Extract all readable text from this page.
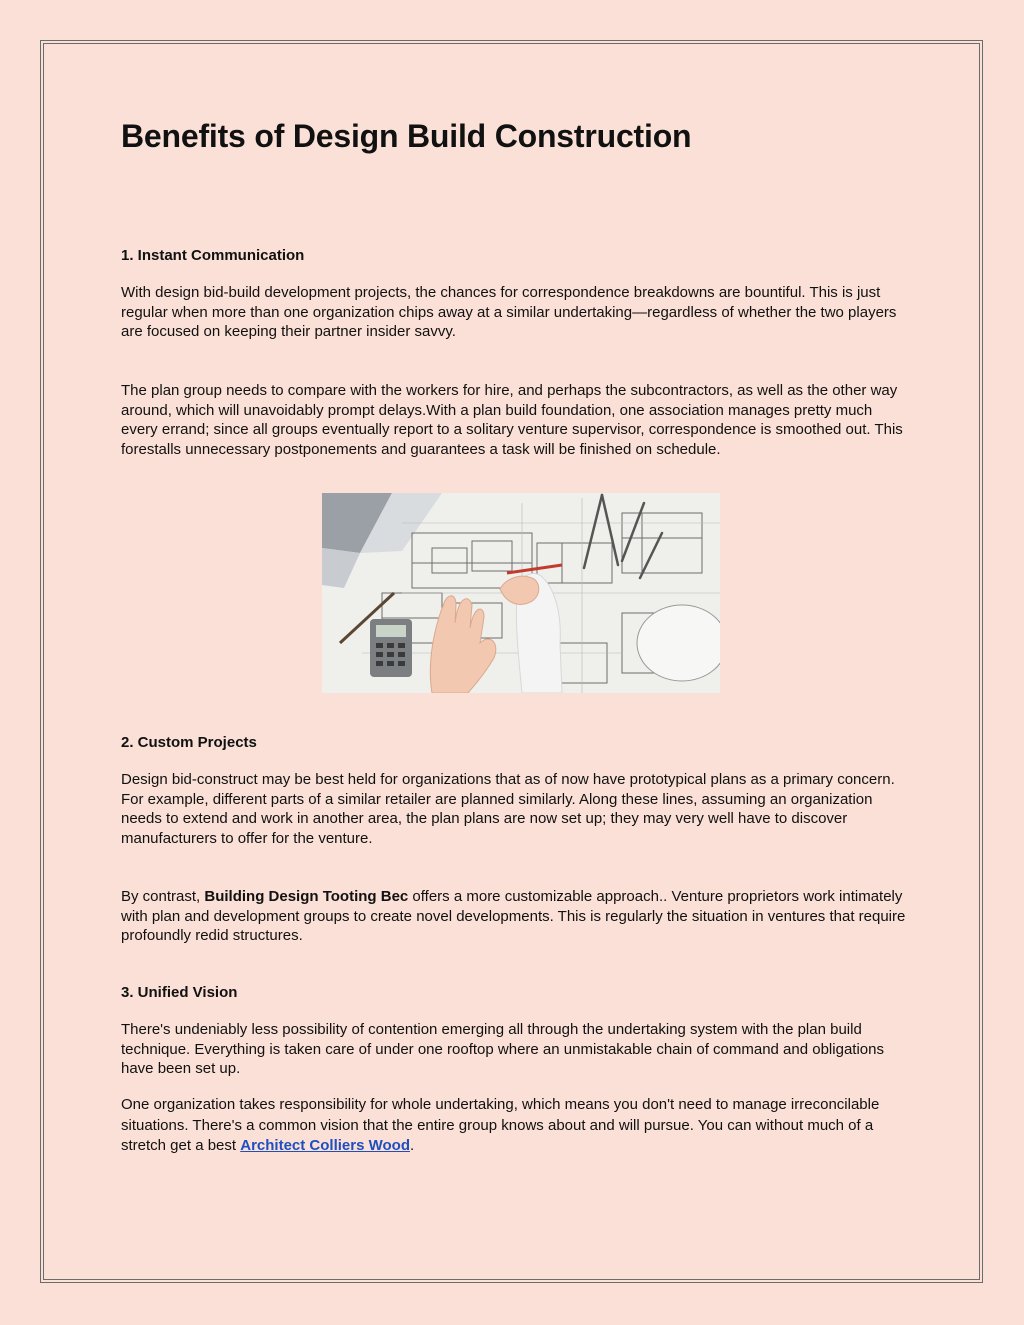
Benefits of Design Build Construction
1. Instant Communication

With design bid-build development projects, the chances for correspondence breakdowns are bountiful. This is just regular when more than one organization chips away at a similar undertaking—regardless of whether the two players are focused on keeping their partner insider savvy.

The plan group needs to compare with the workers for hire, and perhaps the subcontractors, as well as the other way around, which will unavoidably prompt delays.With a plan build foundation, one association manages pretty much every errand; since all groups eventually report to a solitary venture supervisor, correspondence is smoothed out. This forestalls unnecessary postponements and guarantees a task will be finished on schedule.

2. Custom Projects

Design bid-construct may be best held for organizations that as of now have prototypical plans as a primary concern. For example, different parts of a similar retailer are planned similarly. Along these lines, assuming an organization needs to extend and work in another area, the plan plans are now set up; they may very well have to discover manufacturers to offer for the venture.

By contrast, Building Design Tooting Bec offers a more customizable approach.. Venture proprietors work intimately with plan and development groups to create novel developments. This is regularly the situation in ventures that require profoundly redid structures.

3. Unified Vision

There's undeniably less possibility of contention emerging all through the undertaking system with the plan build technique. Everything is taken care of under one rooftop where an unmistakable chain of command and obligations have been set up.

One organization takes responsibility for whole undertaking, which means you don't need to manage irreconcilable situations. There's a common vision that the entire group knows about and will pursue. You can without much of a stretch get a best Architect Colliers Wood.
